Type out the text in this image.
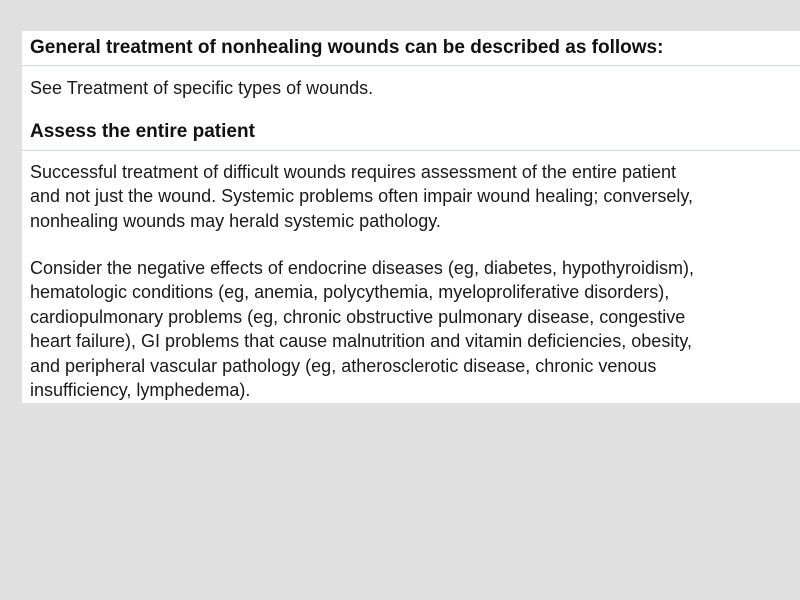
General treatment of nonhealing wounds can be described as follows:

See Treatment of specific types of wounds.

Assess the entire patient

Successful treatment of difficult wounds requires assessment of the entire patient
and not just the wound. Systemic problems often impair wound healing; conversely,
nonhealing wounds may herald systemic pathology.

Consider the negative effects of endocrine diseases (eg, diabetes, hypothyroidism),
hematologic conditions (eg, anemia, polycythemia, myeloproliferative disorders),
cardiopulmonary problems (eg, chronic obstructive pulmonary disease, congestive
heart failure), GI problems that cause malnutrition and vitamin deficiencies, obesity,
and peripheral vascular pathology (eg, atherosclerotic disease, chronic venous
insufficiency, lymphedema).
